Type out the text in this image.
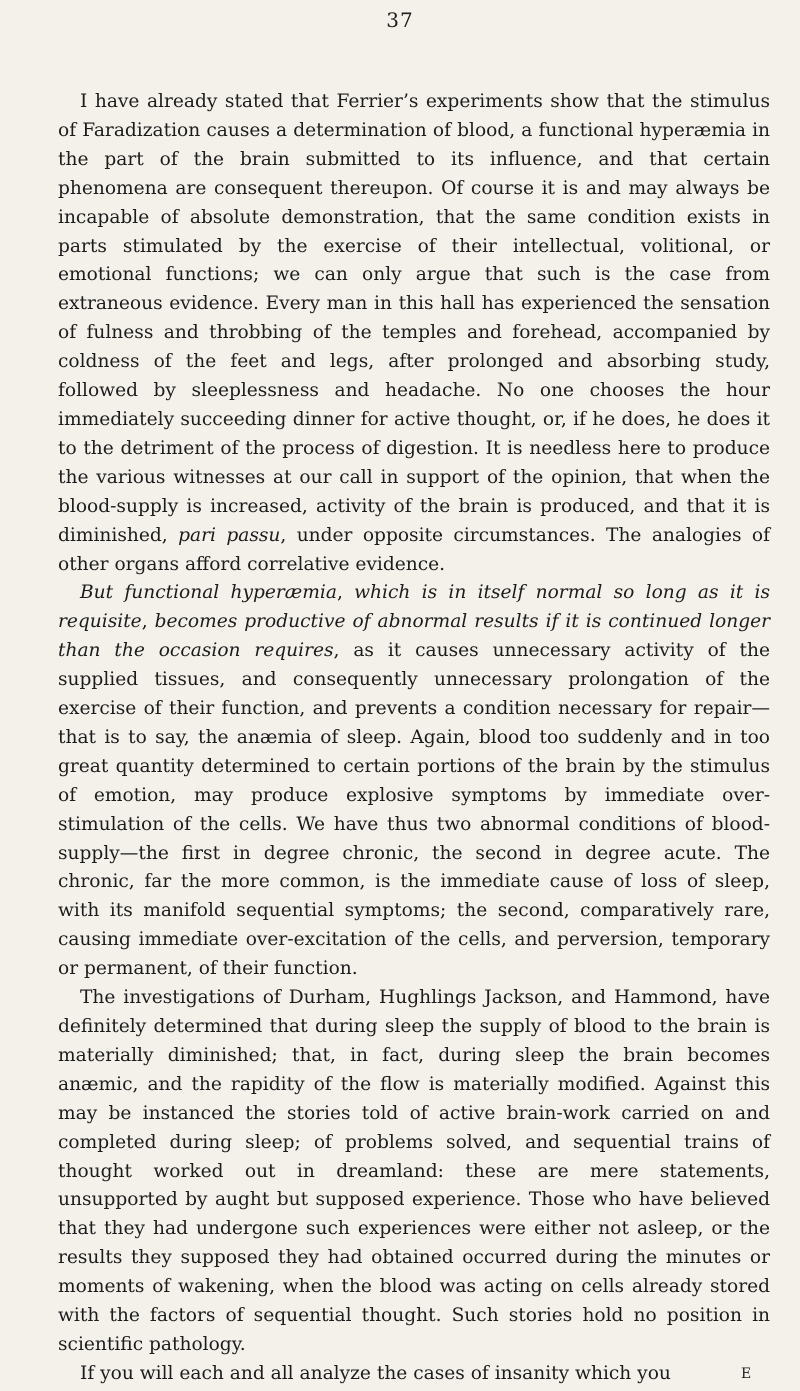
37

I have already stated that Ferrier’s experiments show that the stimulus of Faradization causes a determination of blood, a functional hyperæmia in the part of the brain submitted to its influence, and that certain phenomena are consequent thereupon. Of course it is and may always be incapable of absolute demonstration, that the same condition exists in parts stimulated by the exercise of their intellectual, volitional, or emotional functions; we can only argue that such is the case from extraneous evidence. Every man in this hall has experienced the sensation of fulness and throbbing of the temples and forehead, accompanied by coldness of the feet and legs, after prolonged and absorbing study, followed by sleeplessness and headache. No one chooses the hour immediately succeeding dinner for active thought, or, if he does, he does it to the detriment of the process of digestion. It is needless here to produce the various witnesses at our call in support of the opinion, that when the blood-supply is increased, activity of the brain is produced, and that it is diminished, pari passu, under opposite circumstances. The analogies of other organs afford correlative evidence.

But functional hyperæmia, which is in itself normal so long as it is requisite, becomes productive of abnormal results if it is continued longer than the occasion requires, as it causes unnecessary activity of the supplied tissues, and consequently unnecessary prolongation of the exercise of their function, and prevents a condition necessary for repair—that is to say, the anæmia of sleep. Again, blood too suddenly and in too great quantity determined to certain portions of the brain by the stimulus of emotion, may produce explosive symptoms by immediate over-stimulation of the cells. We have thus two abnormal conditions of blood-supply—the first in degree chronic, the second in degree acute. The chronic, far the more common, is the immediate cause of loss of sleep, with its manifold sequential symptoms; the second, comparatively rare, causing immediate over-excitation of the cells, and perversion, temporary or permanent, of their function.

The investigations of Durham, Hughlings Jackson, and Hammond, have definitely determined that during sleep the supply of blood to the brain is materially diminished; that, in fact, during sleep the brain becomes anæmic, and the rapidity of the flow is materially modified. Against this may be instanced the stories told of active brain-work carried on and completed during sleep; of problems solved, and sequential trains of thought worked out in dreamland: these are mere statements, unsupported by aught but supposed experience. Those who have believed that they had undergone such experiences were either not asleep, or the results they supposed they had obtained occurred during the minutes or moments of wakening, when the blood was acting on cells already stored with the factors of sequential thought. Such stories hold no position in scientific pathology.

If you will each and all analyze the cases of insanity which you	E
